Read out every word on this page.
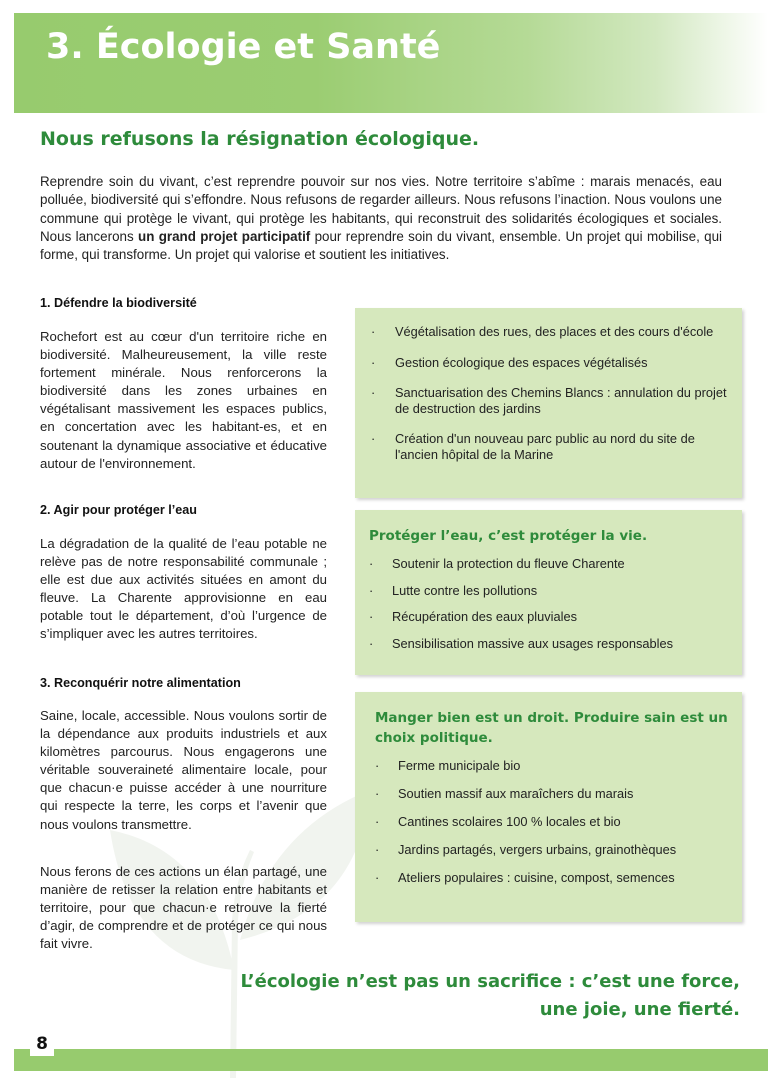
3. Écologie et Santé
Nous refusons la résignation écologique.

Reprendre soin du vivant, c’est reprendre pouvoir sur nos vies. Notre territoire s’abîme : marais menacés, eau polluée, biodiversité qui s’effondre. Nous refusons de regarder ailleurs. Nous refusons l’inaction. Nous voulons une commune qui protège le vivant, qui protège les habitants, qui reconstruit des solidarités écologiques et sociales. Nous lancerons un grand projet participatif pour reprendre soin du vivant, ensemble. Un projet qui mobilise, qui forme, qui transforme. Un projet qui valorise et soutient les initiatives.

1. Défendre la biodiversité

Rochefort est au cœur d'un territoire riche en biodiversité. Malheureusement, la ville reste fortement minérale. Nous renforcerons la biodiversité dans les zones urbaines en végétalisant massivement les espaces publics, en concertation avec les habitant-es, et en soutenant la dynamique associative et éducative autour de l'environnement.

2. Agir pour protéger l’eau

La dégradation de la qualité de l’eau potable ne relève pas de notre responsabilité communale ; elle est due aux activités situées en amont du fleuve. La Charente approvisionne en eau potable tout le département, d’où l’urgence de s’impliquer avec les autres territoires.

3. Reconquérir notre alimentation

Saine, locale, accessible. Nous voulons sortir de la dépendance aux produits industriels et aux kilomètres parcourus. Nous engagerons une véritable souveraineté alimentaire locale, pour que chacun·e puisse accéder à une nourriture qui respecte la terre, les corps et l’avenir que nous voulons transmettre.

Nous ferons de ces actions un élan partagé, une manière de retisser la relation entre habitants et territoire, pour que chacun·e retrouve la fierté d’agir, de comprendre et de protéger ce qui nous fait vivre.

· Végétalisation des rues, des places et des cours d'école
· Gestion écologique des espaces végétalisés
· Sanctuarisation des Chemins Blancs : annulation du projet de destruction des jardins
· Création d'un nouveau parc public au nord du site de l'ancien hôpital de la Marine
Protéger l’eau, c’est protéger la vie.
· Soutenir la protection du fleuve Charente
· Lutte contre les pollutions
· Récupération des eaux pluviales
· Sensibilisation massive aux usages responsables
Manger bien est un droit. Produire sain est un choix politique.
· Ferme municipale bio
· Soutien massif aux maraîchers du marais
· Cantines scolaires 100 % locales et bio
· Jardins partagés, vergers urbains, grainothèques
· Ateliers populaires : cuisine, compost, semences

L’écologie n’est pas un sacrifice : c’est une force,
une joie, une fierté.

8
